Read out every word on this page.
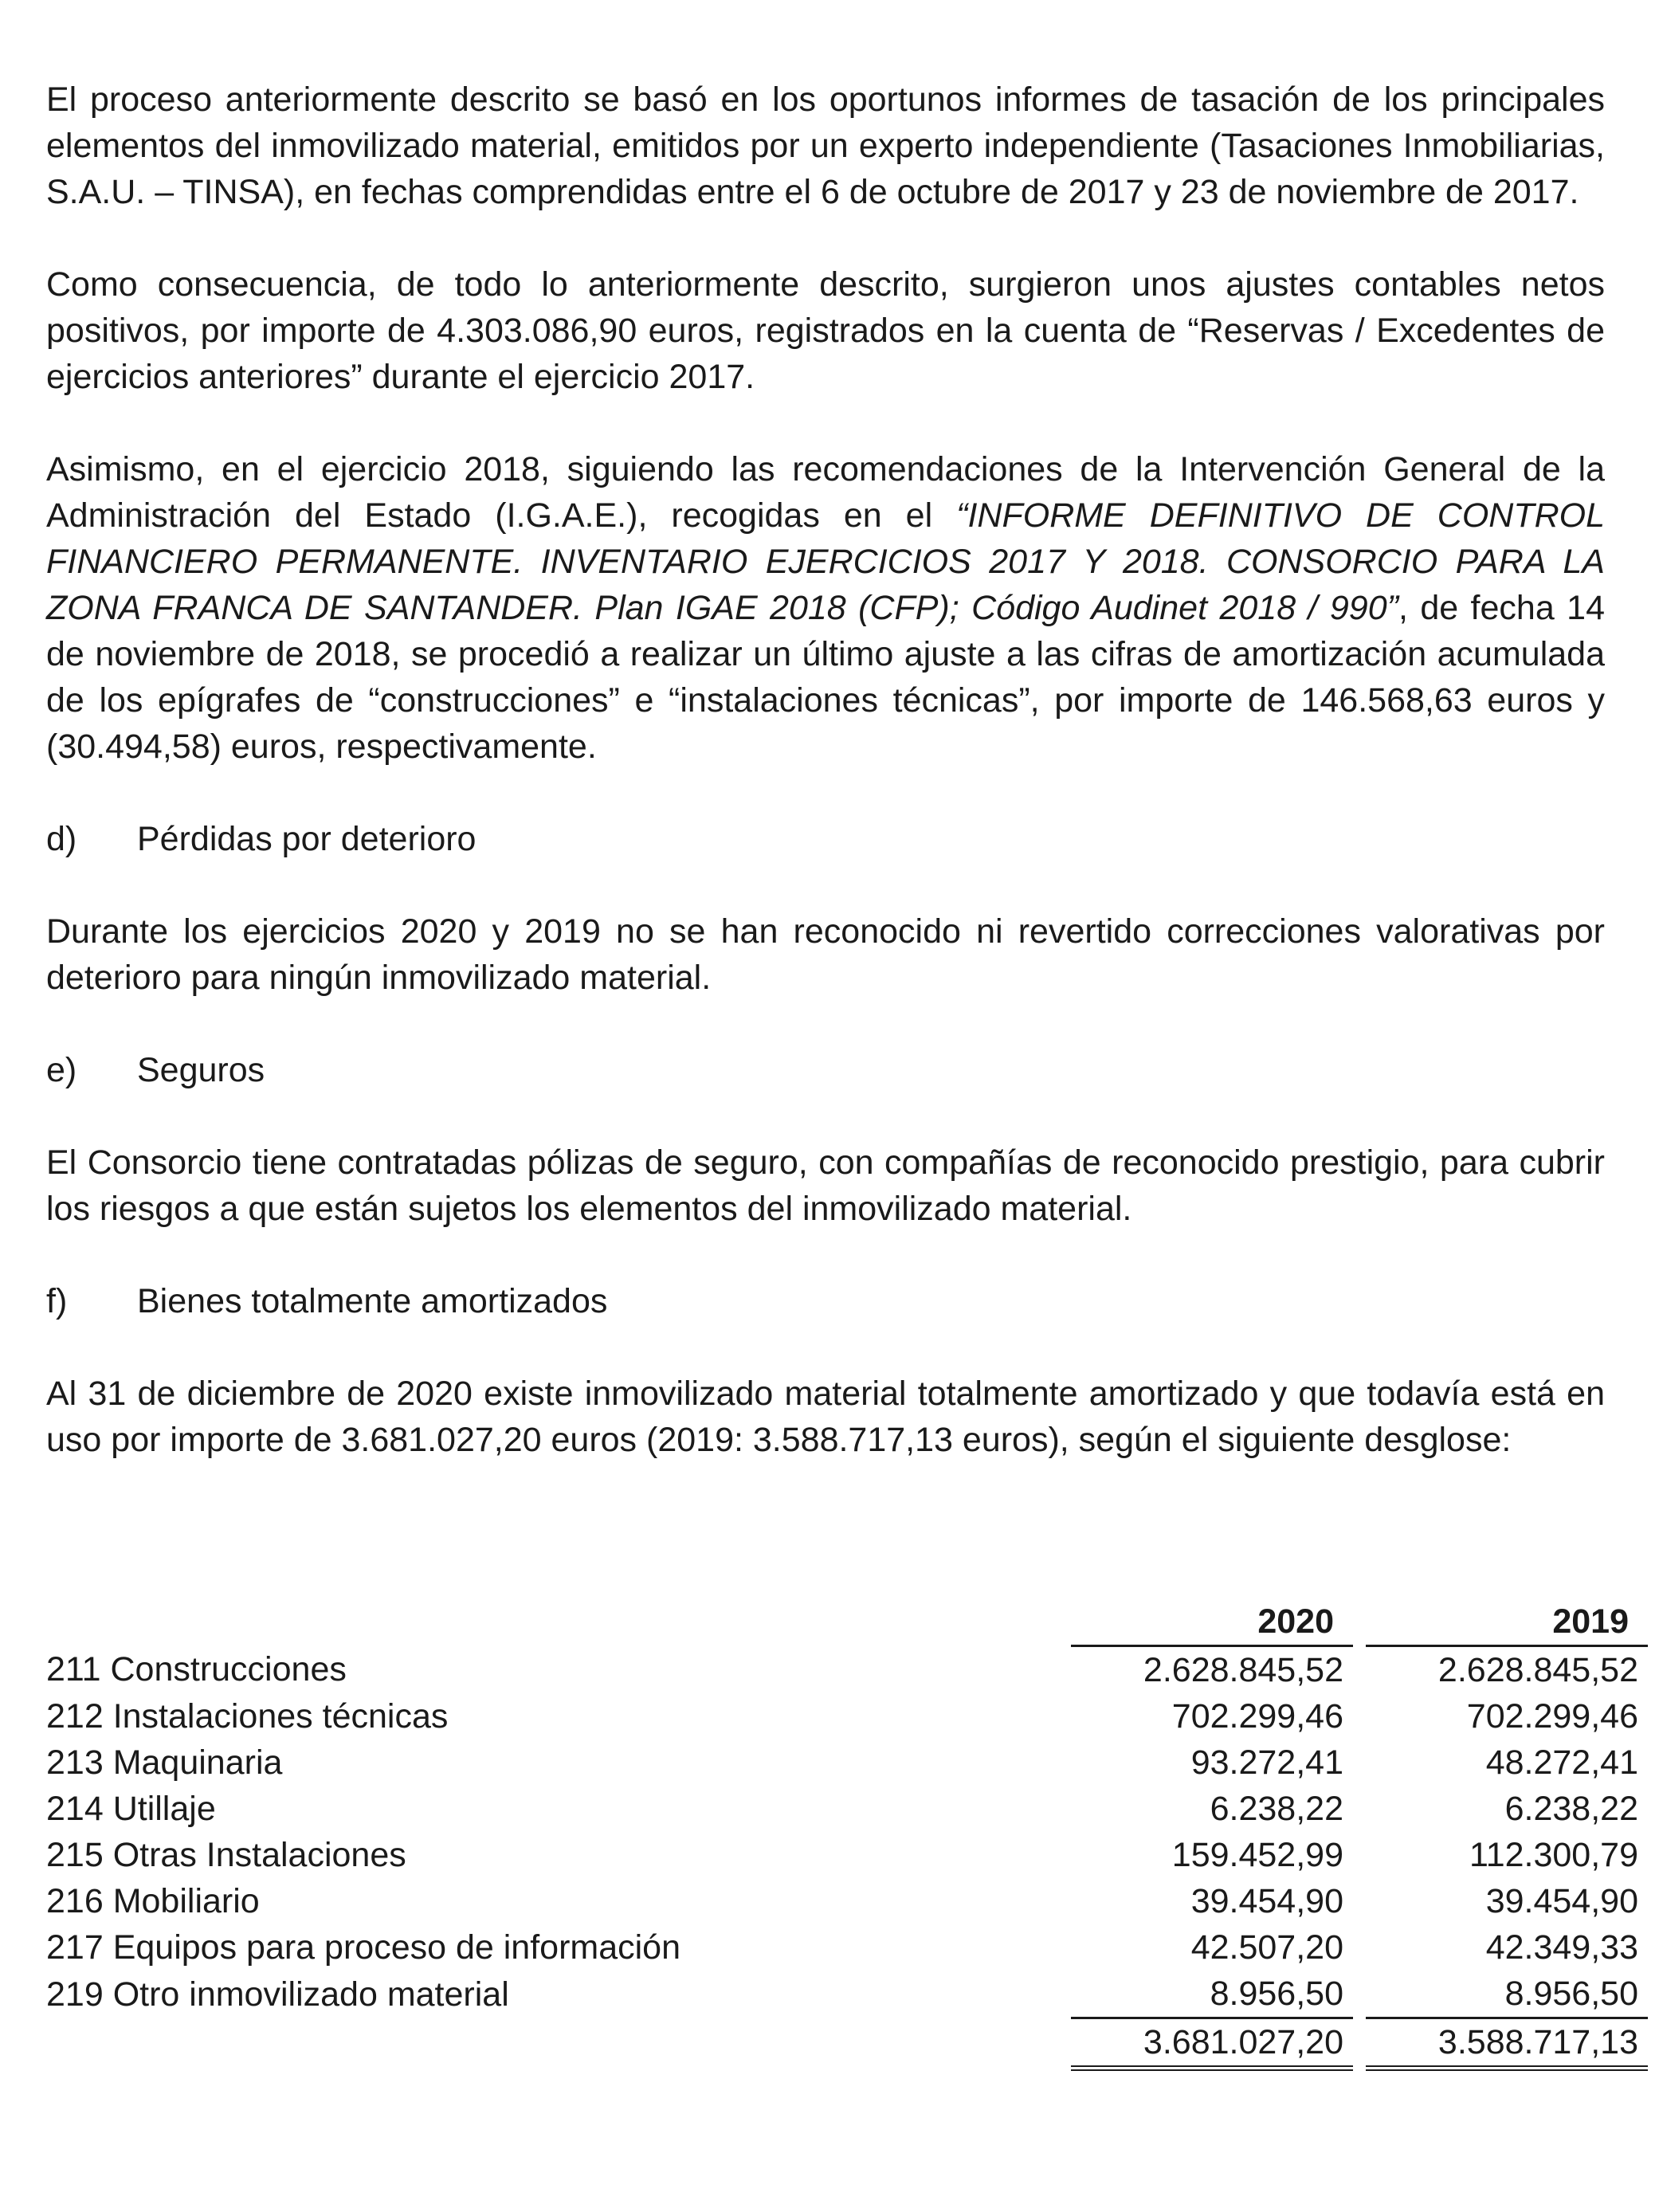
El proceso anteriormente descrito se basó en los oportunos informes de tasación de los principales elementos del inmovilizado material, emitidos por un experto independiente (Tasaciones Inmobiliarias, S.A.U. – TINSA), en fechas comprendidas entre el 6 de octubre de 2017 y 23 de noviembre de 2017.

Como consecuencia, de todo lo anteriormente descrito, surgieron unos ajustes contables netos positivos, por importe de 4.303.086,90 euros, registrados en la cuenta de “Reservas / Excedentes de ejercicios anteriores” durante el ejercicio 2017.

Asimismo, en el ejercicio 2018, siguiendo las recomendaciones de la Intervención General de la Administración del Estado (I.G.A.E.), recogidas en el “INFORME DEFINITIVO DE CONTROL FINANCIERO PERMANENTE. INVENTARIO EJERCICIOS 2017 Y 2018. CONSORCIO PARA LA ZONA FRANCA DE SANTANDER. Plan IGAE 2018 (CFP); Código Audinet 2018 / 990”, de fecha 14 de noviembre de 2018, se procedió a realizar un último ajuste a las cifras de amortización acumulada de los epígrafes de “construcciones” e “instalaciones técnicas”, por importe de 146.568,63 euros y (30.494,58) euros, respectivamente.

d)	Pérdidas por deterioro

Durante los ejercicios 2020 y 2019 no se han reconocido ni revertido correcciones valorativas por deterioro para ningún inmovilizado material.

e)	Seguros

El Consorcio tiene contratadas pólizas de seguro, con compañías de reconocido prestigio, para cubrir los riesgos a que están sujetos los elementos del inmovilizado material.

f)	Bienes totalmente amortizados

Al 31 de diciembre de 2020 existe inmovilizado material totalmente amortizado y que todavía está en uso por importe de 3.681.027,20 euros (2019: 3.588.717,13 euros), según el siguiente desglose:

	2020		2019
211 Construcciones	2.628.845,52		2.628.845,52
212 Instalaciones técnicas	702.299,46		702.299,46
213 Maquinaria	93.272,41		48.272,41
214 Utillaje	6.238,22		6.238,22
215 Otras Instalaciones	159.452,99		112.300,79
216 Mobiliario	39.454,90		39.454,90
217 Equipos para proceso de información	42.507,20		42.349,33
219 Otro inmovilizado material	8.956,50		8.956,50
	3.681.027,20		3.588.717,13
